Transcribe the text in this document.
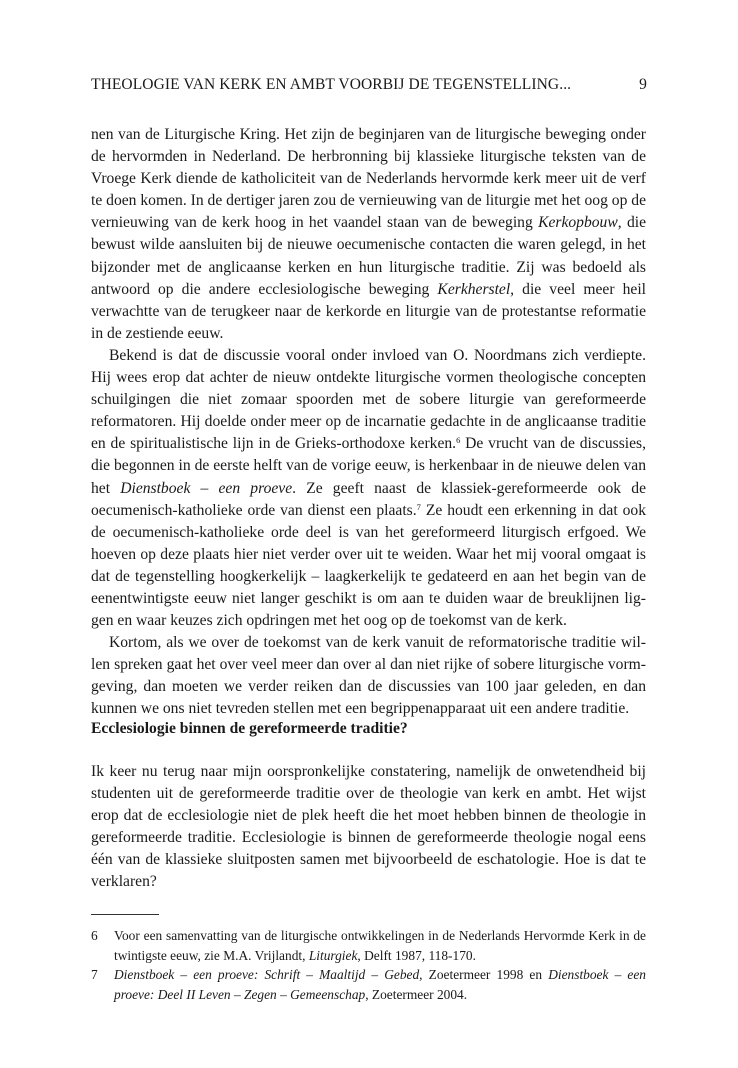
THEOLOGIE VAN KERK EN AMBT VOORBIJ DE TEGENSTELLING...	9

nen van de Liturgische Kring. Het zijn de beginjaren van de liturgische beweging onder de hervormden in Nederland. De herbronning bij klassieke liturgische teksten van de Vroege Kerk diende de katholiciteit van de Nederlands hervormde kerk meer uit de verf te doen komen. In de dertiger jaren zou de vernieuwing van de liturgie met het oog op de vernieuwing van de kerk hoog in het vaandel staan van de beweging Kerkopbouw, die bewust wilde aansluiten bij de nieuwe oecumenische contacten die waren gelegd, in het bijzonder met de anglicaanse kerken en hun liturgische traditie. Zij was bedoeld als antwoord op die andere ecclesiologische beweging Kerkherstel, die veel meer heil verwachtte van de terugkeer naar de kerkorde en liturgie van de protestantse reformatie in de zestiende eeuw.

Bekend is dat de discussie vooral onder invloed van O. Noordmans zich verdiepte. Hij wees erop dat achter de nieuw ontdekte liturgische vormen theologische concepten schuilgingen die niet zomaar spoorden met de sobere liturgie van gereformeerde reformatoren. Hij doelde onder meer op de incarnatie gedachte in de anglicaanse traditie en de spiritualistische lijn in de Grieks-orthodoxe kerken.$^6$ De vrucht van de discussies, die begonnen in de eerste helft van de vorige eeuw, is herkenbaar in de nieuwe delen van het Dienstboek – een proeve. Ze geeft naast de klassiek-gereformeerde ook de oecumenisch-katholieke orde van dienst een plaats.$^7$ Ze houdt een erkenning in dat ook de oecumenisch-katholieke orde deel is van het gereformeerd liturgisch erfgoed. We hoeven op deze plaats hier niet verder over uit te weiden. Waar het mij vooral omgaat is dat de tegenstelling hoogkerkelijk – laagkerkelijk te gedateerd en aan het begin van de eenentwintigste eeuw niet langer geschikt is om aan te duiden waar de breuklijnen liggen en waar keuzes zich opdringen met het oog op de toekomst van de kerk.

Kortom, als we over de toekomst van de kerk vanuit de reformatorische traditie willen spreken gaat het over veel meer dan over al dan niet rijke of sobere liturgische vormgeving, dan moeten we verder reiken dan de discussies van 100 jaar geleden, en dan kunnen we ons niet tevreden stellen met een begrippenapparaat uit een andere traditie.

Ecclesiologie binnen de gereformeerde traditie?

Ik keer nu terug naar mijn oorspronkelijke constatering, namelijk de onwetendheid bij studenten uit de gereformeerde traditie over de theologie van kerk en ambt. Het wijst erop dat de ecclesiologie niet de plek heeft die het moet hebben binnen de theologie in gereformeerde traditie. Ecclesiologie is binnen de gereformeerde theologie nogal eens één van de klassieke sluitposten samen met bijvoorbeeld de eschatologie. Hoe is dat te verklaren?

6	Voor een samenvatting van de liturgische ontwikkelingen in de Nederlands Hervormde Kerk in de twintigste eeuw, zie M.A. Vrijlandt, Liturgiek, Delft 1987, 118-170.
7	Dienstboek – een proeve: Schrift – Maaltijd – Gebed, Zoetermeer 1998 en Dienstboek – een proeve: Deel II Leven – Zegen – Gemeenschap, Zoetermeer 2004.
